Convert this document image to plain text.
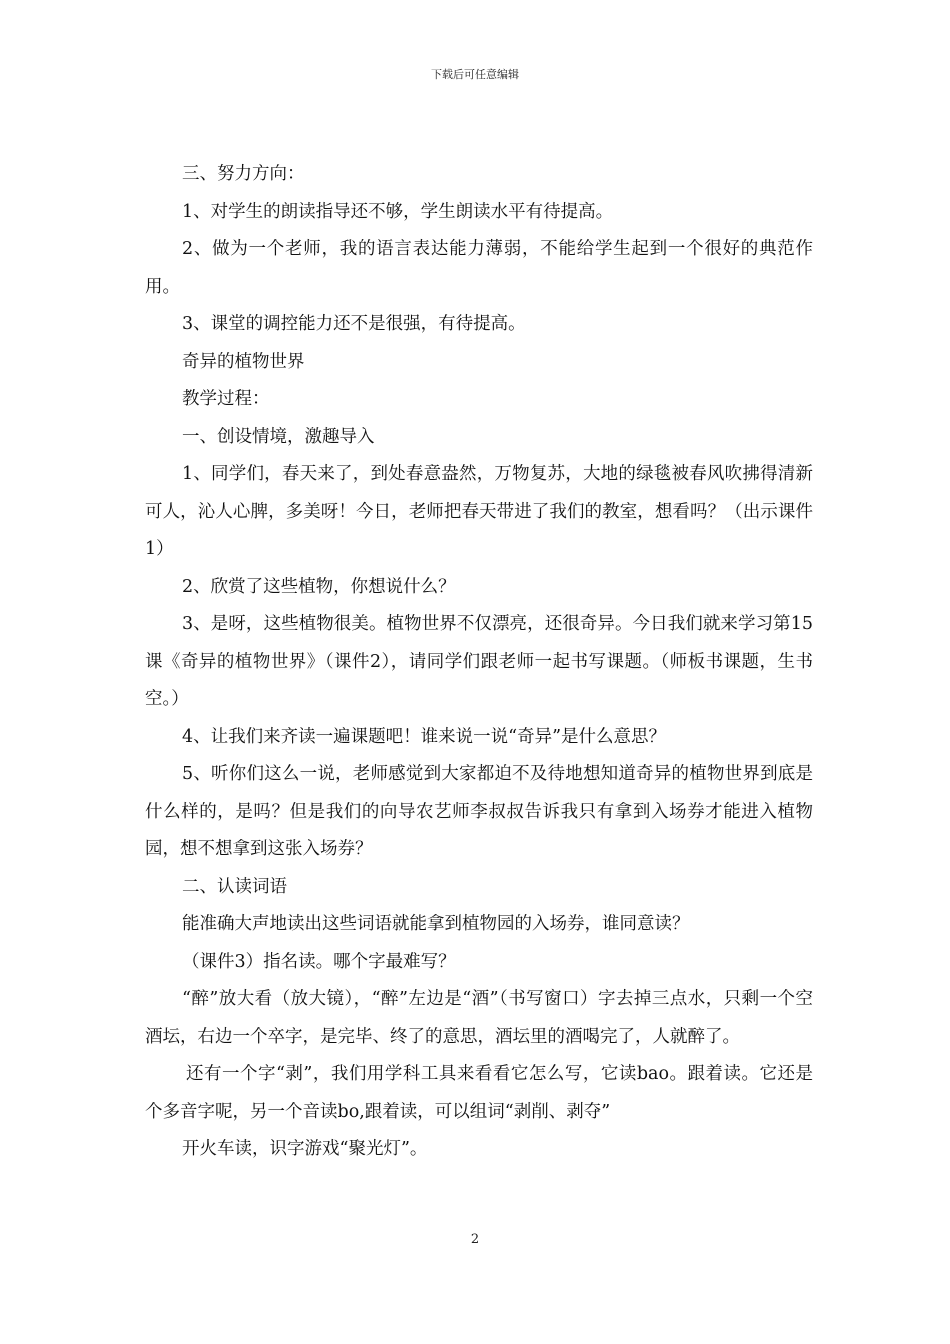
下载后可任意编辑

三、努力方向：

1、对学生的朗读指导还不够，学生朗读水平有待提高。

2、做为一个老师，我的语言表达能力薄弱，不能给学生起到一个很好的典范作用。

3、课堂的调控能力还不是很强，有待提高。

奇异的植物世界

教学过程：

一、创设情境，激趣导入

1、同学们，春天来了，到处春意盎然，万物复苏，大地的绿毯被春风吹拂得清新可人，沁人心脾，多美呀！今日，老师把春天带进了我们的教室，想看吗？（出示课件1）

2、欣赏了这些植物，你想说什么？

3、是呀，这些植物很美。植物世界不仅漂亮，还很奇异。今日我们就来学习第15课《奇异的植物世界》（课件2），请同学们跟老师一起书写课题。（师板书课题，生书空。）

4、让我们来齐读一遍课题吧！谁来说一说“奇异”是什么意思？

5、听你们这么一说，老师感觉到大家都迫不及待地想知道奇异的植物世界到底是什么样的，是吗？但是我们的向导农艺师李叔叔告诉我只有拿到入场券才能进入植物园，想不想拿到这张入场券？

二、认读词语

能准确大声地读出这些词语就能拿到植物园的入场券，谁同意读？

（课件3）指名读。哪个字最难写？

“醉”放大看（放大镜），“醉”左边是“酒”（书写窗口）字去掉三点水，只剩一个空酒坛，右边一个卒字，是完毕、终了的意思，酒坛里的酒喝完了，人就醉了。

还有一个字“剥”，我们用学科工具来看看它怎么写，它读bao。跟着读。它还是个多音字呢，另一个音读bo,跟着读，可以组词“剥削、剥夺”

开火车读，识字游戏“聚光灯”。

2
